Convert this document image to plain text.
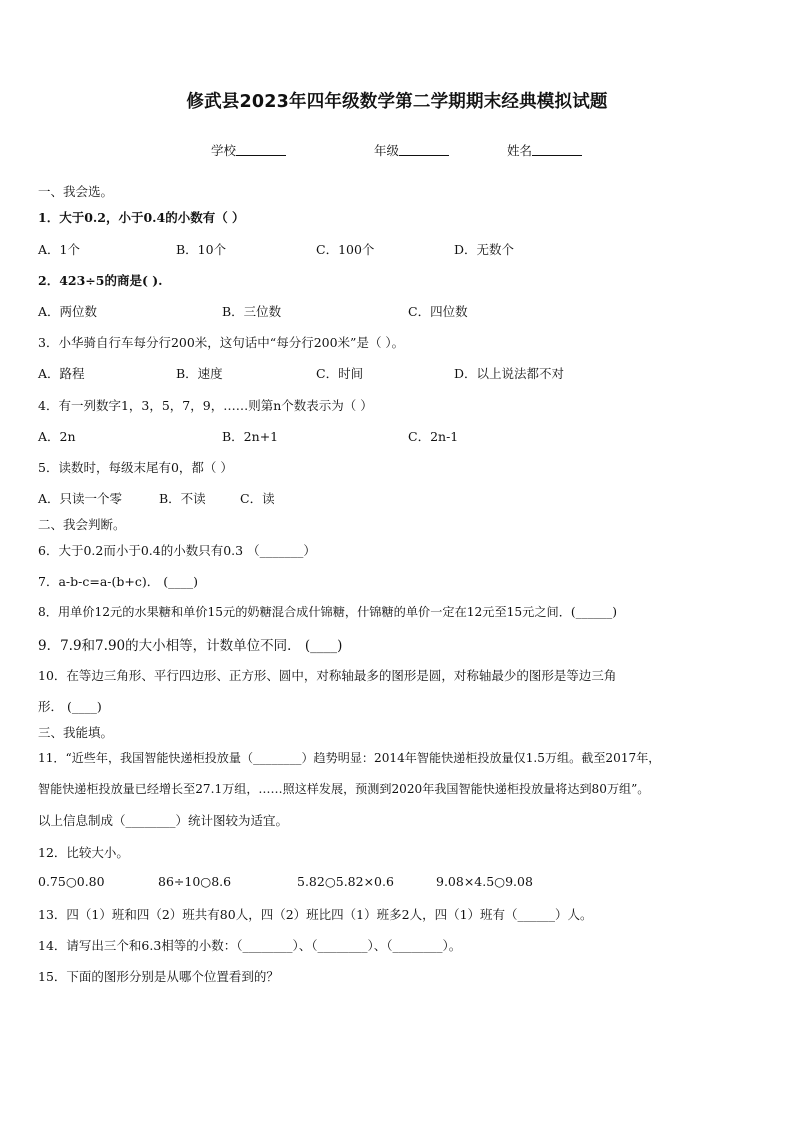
修武县2023年四年级数学第二学期期末经典模拟试题
学校	年级	姓名
一、我会选。
1．大于0.2，小于0.4的小数有（ ）
A．1个	B．10个	C．100个	D．无数个
2．423÷5的商是( ).
A．两位数	B．三位数	C．四位数
3．小华骑自行车每分行200米，这句话中“每分行200米”是（ ）。
A．路程	B．速度	C．时间	D．以上说法都不对
4．有一列数字1，3，5，7，9，……则第n个数表示为（ ）
A．2n	B．2n+1	C．2n-1
5．读数时，每级末尾有0，都（ ）
A．只读一个零	B．不读	C．读
二、我会判断。
6．大于0.2而小于0.4的小数只有0.3 （_______）
7．a-b-c=a-(b+c)． (____)
8．用单价12元的水果糖和单价15元的奶糖混合成什锦糖，什锦糖的单价一定在12元至15元之间．(______)
9．7.9和7.90的大小相等，计数单位不同． (____)
10．在等边三角形、平行四边形、正方形、圆中，对称轴最多的图形是圆，对称轴最少的图形是等边三角
形． (____)
三、我能填。
11．“近些年，我国智能快递柜投放量（________）趋势明显：2014年智能快递柜投放量仅1.5万组。截至2017年，
智能快递柜投放量已经增长至27.1万组，……照这样发展，预测到2020年我国智能快递柜投放量将达到80万组”。
以上信息制成（________）统计图较为适宜。
12．比较大小。
0.75○0.80	86÷10○8.6	5.82○5.82×0.6	9.08×4.5○9.08
13．四（1）班和四（2）班共有80人，四（2）班比四（1）班多2人，四（1）班有（______）人。
14．请写出三个和6.3相等的小数：（________）、（________）、（________）。
15．下面的图形分别是从哪个位置看到的？
